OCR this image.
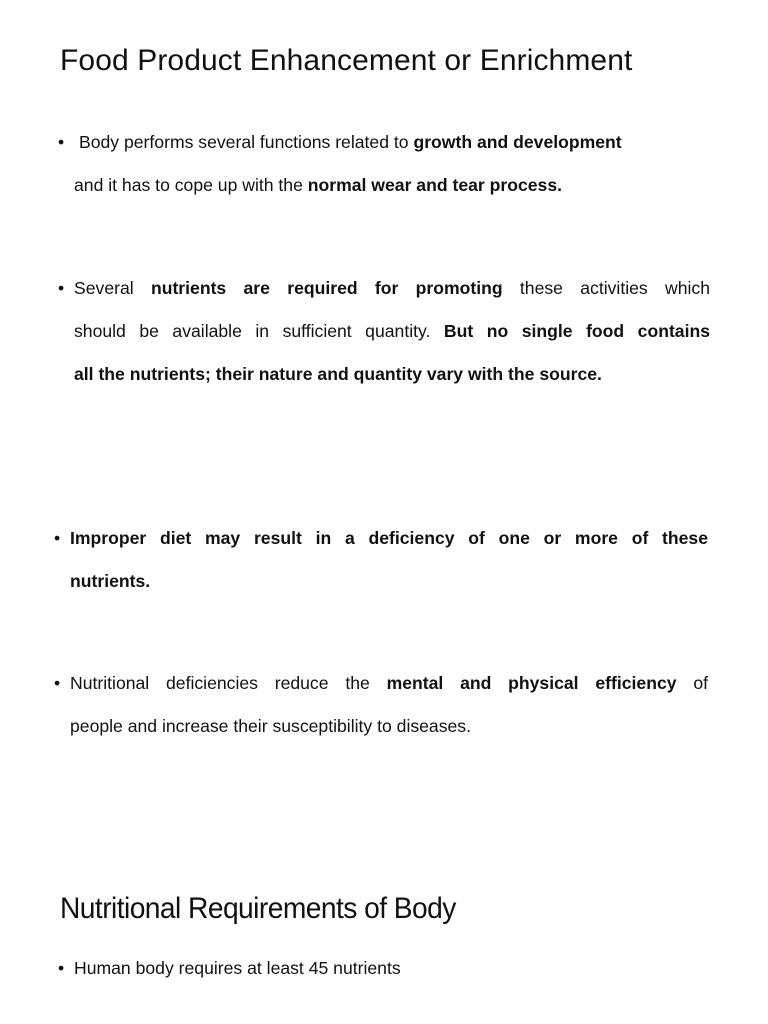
Food Product Enhancement or Enrichment
• Body performs several functions related to growth and development
and it has to cope up with the normal wear and tear process.
• Several nutrients are required for promoting these activities which
should be available in sufficient quantity. But no single food contains
all the nutrients; their nature and quantity vary with the source.
• Improper diet may result in a deficiency of one or more of these
nutrients.
• Nutritional deficiencies reduce the mental and physical efficiency of
people and increase their susceptibility to diseases.
Nutritional Requirements of Body
• Human body requires at least 45 nutrients
